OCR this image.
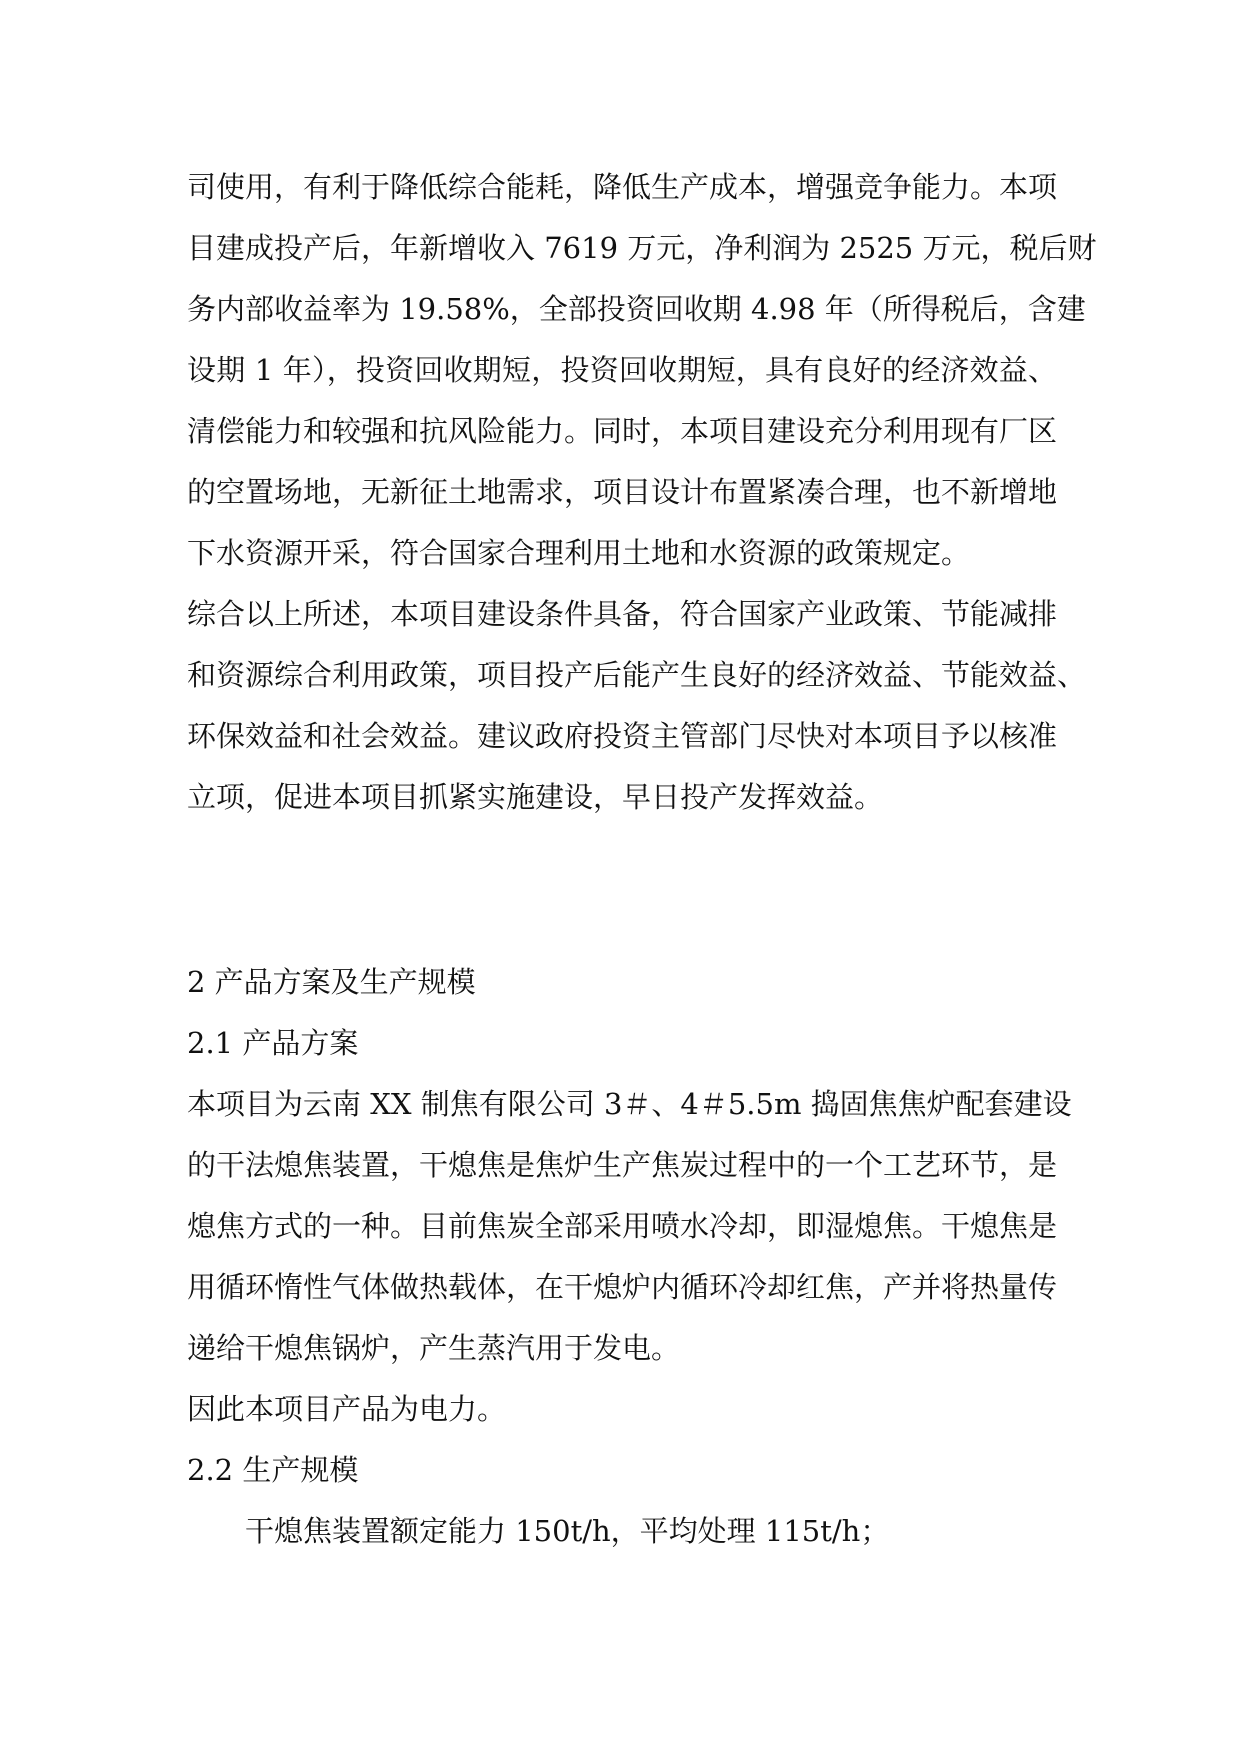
司使用，有利于降低综合能耗，降低生产成本，增强竞争能力。本项
目建成投产后，年新增收入 7619 万元，净利润为 2525 万元，税后财
务内部收益率为 19.58%，全部投资回收期 4.98 年（所得税后，含建
设期 1 年），投资回收期短，投资回收期短，具有良好的经济效益、
清偿能力和较强和抗风险能力。同时，本项目建设充分利用现有厂区
的空置场地，无新征土地需求，项目设计布置紧凑合理，也不新增地
下水资源开采，符合国家合理利用土地和水资源的政策规定。
综合以上所述，本项目建设条件具备，符合国家产业政策、节能减排
和资源综合利用政策，项目投产后能产生良好的经济效益、节能效益、
环保效益和社会效益。建议政府投资主管部门尽快对本项目予以核准
立项，促进本项目抓紧实施建设，早日投产发挥效益。
2 产品方案及生产规模
2.1 产品方案
本项目为云南 XX 制焦有限公司 3＃、4＃5.5m 捣固焦焦炉配套建设
的干法熄焦装置，干熄焦是焦炉生产焦炭过程中的一个工艺环节，是
熄焦方式的一种。目前焦炭全部采用喷水冷却，即湿熄焦。干熄焦是
用循环惰性气体做热载体，在干熄炉内循环冷却红焦，产并将热量传
递给干熄焦锅炉，产生蒸汽用于发电。
因此本项目产品为电力。
2.2 生产规模
干熄焦装置额定能力 150t/h，平均处理 115t/h；
